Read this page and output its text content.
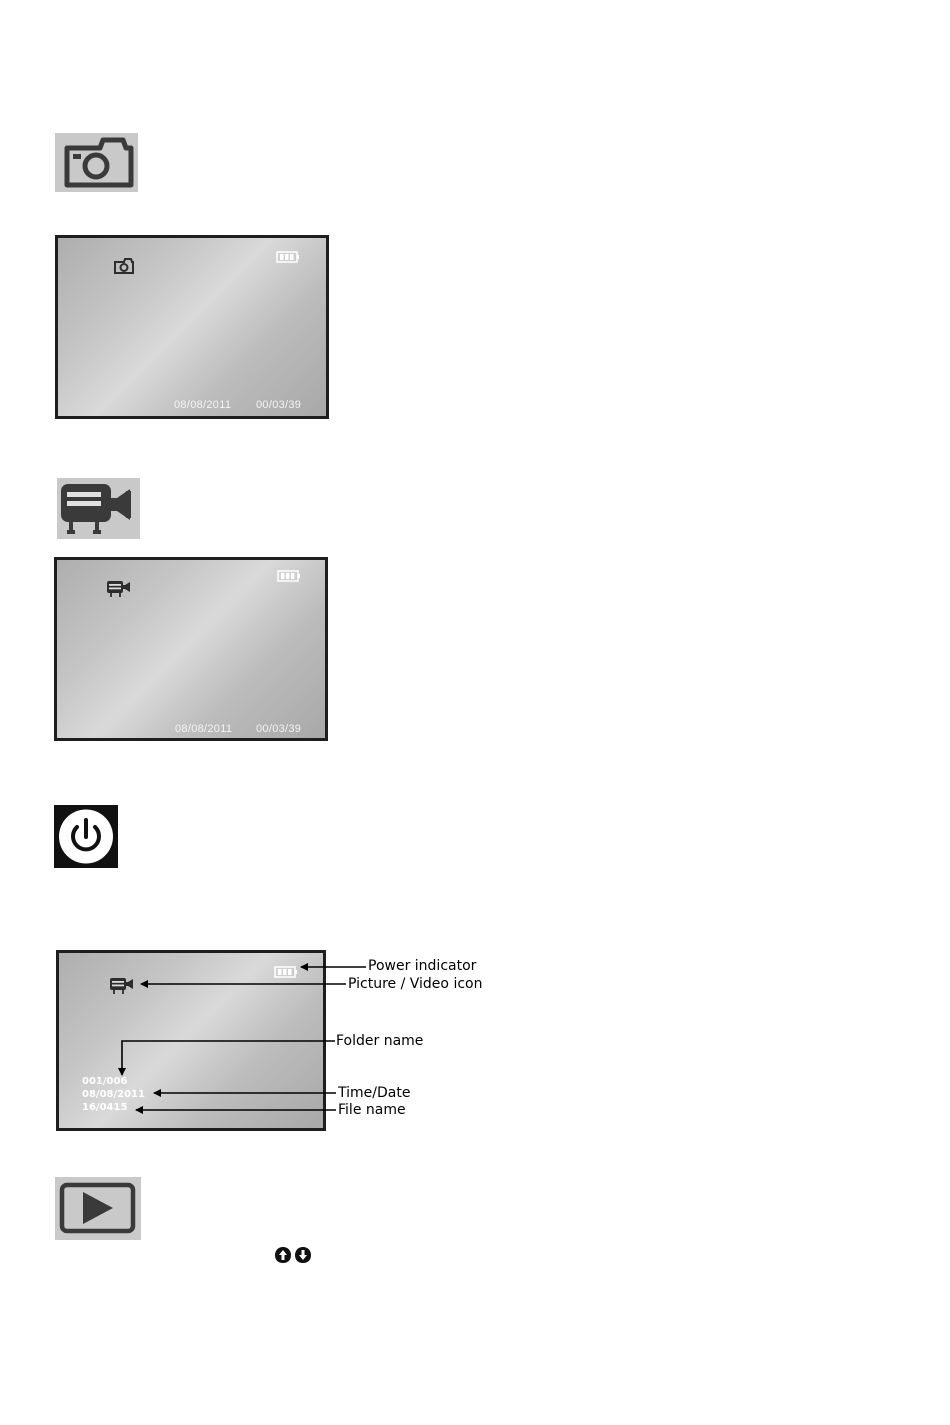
08/08/2011 00/03/39
08/08/2011 00/03/39
001/006
08/08/2011
16/0415
Power indicator
Picture / Video icon
Folder name
Time/Date
File name
